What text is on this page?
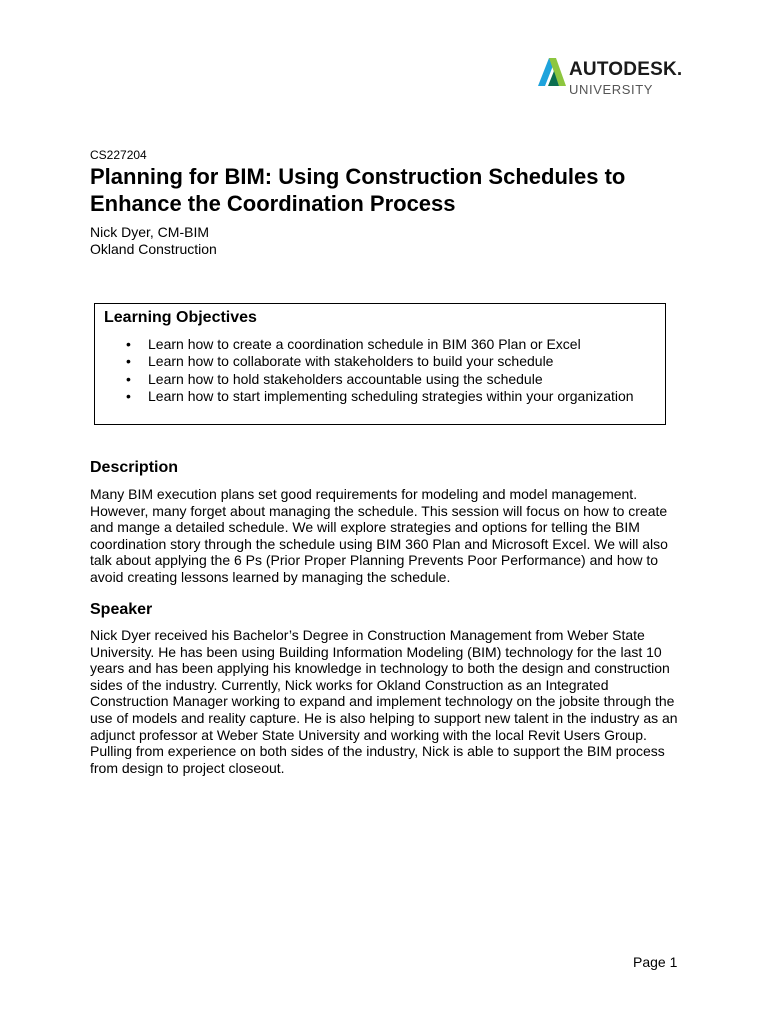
AUTODESK.
UNIVERSITY
CS227204
Planning for BIM: Using Construction Schedules to Enhance the Coordination Process
Nick Dyer, CM-BIM
Okland Construction
Learning Objectives
• Learn how to create a coordination schedule in BIM 360 Plan or Excel
• Learn how to collaborate with stakeholders to build your schedule
• Learn how to hold stakeholders accountable using the schedule
• Learn how to start implementing scheduling strategies within your organization
Description

Many BIM execution plans set good requirements for modeling and model management. However, many forget about managing the schedule. This session will focus on how to create and mange a detailed schedule. We will explore strategies and options for telling the BIM coordination story through the schedule using BIM 360 Plan and Microsoft Excel. We will also talk about applying the 6 Ps (Prior Proper Planning Prevents Poor Performance) and how to avoid creating lessons learned by managing the schedule.

Speaker

Nick Dyer received his Bachelor’s Degree in Construction Management from Weber State University. He has been using Building Information Modeling (BIM) technology for the last 10 years and has been applying his knowledge in technology to both the design and construction sides of the industry. Currently, Nick works for Okland Construction as an Integrated Construction Manager working to expand and implement technology on the jobsite through the use of models and reality capture. He is also helping to support new talent in the industry as an adjunct professor at Weber State University and working with the local Revit Users Group. Pulling from experience on both sides of the industry, Nick is able to support the BIM process from design to project closeout.

Page 1
